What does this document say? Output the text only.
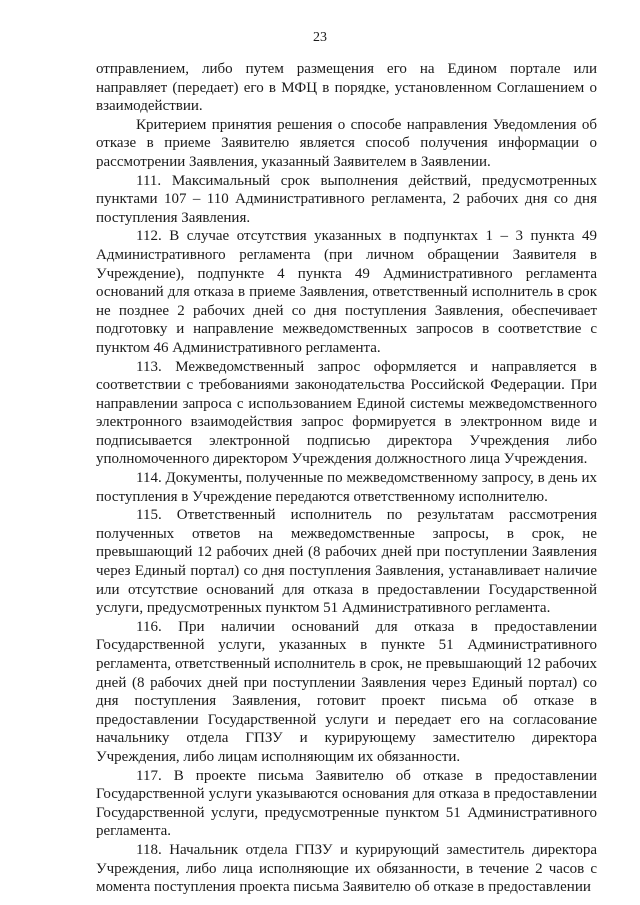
23

отправлением, либо путем размещения его на Едином портале или направляет (передает) его в МФЦ в порядке, установленном Соглашением о взаимодействии.

Критерием принятия решения о способе направления Уведомления об отказе в приеме Заявителю является способ получения информации о рассмотрении Заявления, указанный Заявителем в Заявлении.

111. Максимальный срок выполнения действий, предусмотренных пунктами 107 – 110 Административного регламента, 2 рабочих дня со дня поступления Заявления.

112. В случае отсутствия указанных в подпунктах 1 – 3 пункта 49 Административного регламента (при личном обращении Заявителя в Учреждение), подпункте 4 пункта 49 Административного регламента оснований для отказа в приеме Заявления, ответственный исполнитель в срок не позднее 2 рабочих дней со дня поступления Заявления, обеспечивает подготовку и направление межведомственных запросов в соответствие с пунктом 46 Административного регламента.

113. Межведомственный запрос оформляется и направляется в соответствии с требованиями законодательства Российской Федерации. При направлении запроса с использованием Единой системы межведомственного электронного взаимодействия запрос формируется в электронном виде и подписывается электронной подписью директора Учреждения либо уполномоченного директором Учреждения должностного лица Учреждения.

114. Документы, полученные по межведомственному запросу, в день их поступления в Учреждение передаются ответственному исполнителю.

115. Ответственный исполнитель по результатам рассмотрения полученных ответов на межведомственные запросы, в срок, не превышающий 12 рабочих дней (8 рабочих дней при поступлении Заявления через Единый портал) со дня поступления Заявления, устанавливает наличие или отсутствие оснований для отказа в предоставлении Государственной услуги, предусмотренных пунктом 51 Административного регламента.

116. При наличии оснований для отказа в предоставлении Государственной услуги, указанных в пункте 51 Административного регламента, ответственный исполнитель в срок, не превышающий 12 рабочих дней (8 рабочих дней при поступлении Заявления через Единый портал) со дня поступления Заявления, готовит проект письма об отказе в предоставлении Государственной услуги и передает его на согласование начальнику отдела ГПЗУ и курирующему заместителю директора Учреждения, либо лицам исполняющим их обязанности.

117. В проекте письма Заявителю об отказе в предоставлении Государственной услуги указываются основания для отказа в предоставлении Государственной услуги, предусмотренные пунктом 51 Административного регламента.

118. Начальник отдела ГПЗУ и курирующий заместитель директора Учреждения, либо лица исполняющие их обязанности, в течение 2 часов с момента поступления проекта письма Заявителю об отказе в предоставлении
